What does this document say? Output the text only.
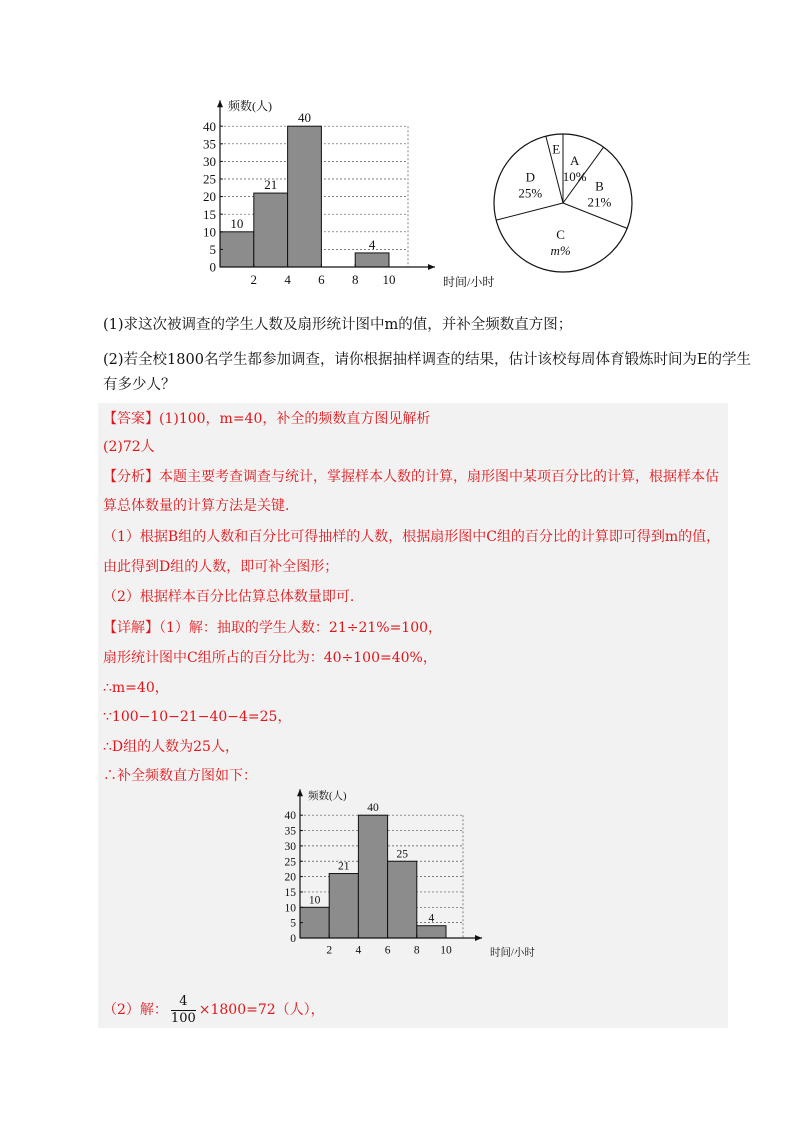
10
21
40
4
0
5
10
15
20
25
30
35
40
2 4 6 8 10
频数(人)
时间/小时
A
10%
B
21%
C
m%
D
25%
E
(1)求这次被调查的学生人数及扇形统计图中m的值，并补全频数直方图；
(2)若全校1800名学生都参加调查，请你根据抽样调查的结果，估计该校每周体育锻炼时间为E的学生
有多少人？
【答案】(1)100，m=40，补全的频数直方图见解析
(2)72人
【分析】本题主要考查调查与统计，掌握样本人数的计算，扇形图中某项百分比的计算，根据样本估
算总体数量的计算方法是关键.
（1）根据B组的人数和百分比可得抽样的人数，根据扇形图中C组的百分比的计算即可得到m的值，
由此得到D组的人数，即可补全图形；
（2）根据样本百分比估算总体数量即可.
【详解】（1）解：抽取的学生人数：21÷21%=100，
扇形统计图中C组所占的百分比为：40÷100=40%，
∴m=40，
∵100−10−21−40−4=25，
∴D组的人数为25人，
∴补全频数直方图如下：
10
21
40
25
4
0
5
10
15
20
25
30
35
40
2 4 6 8 10
频数(人)
时间/小时
（2）解： $\frac{4}{100} \times 1800=72$（人），
